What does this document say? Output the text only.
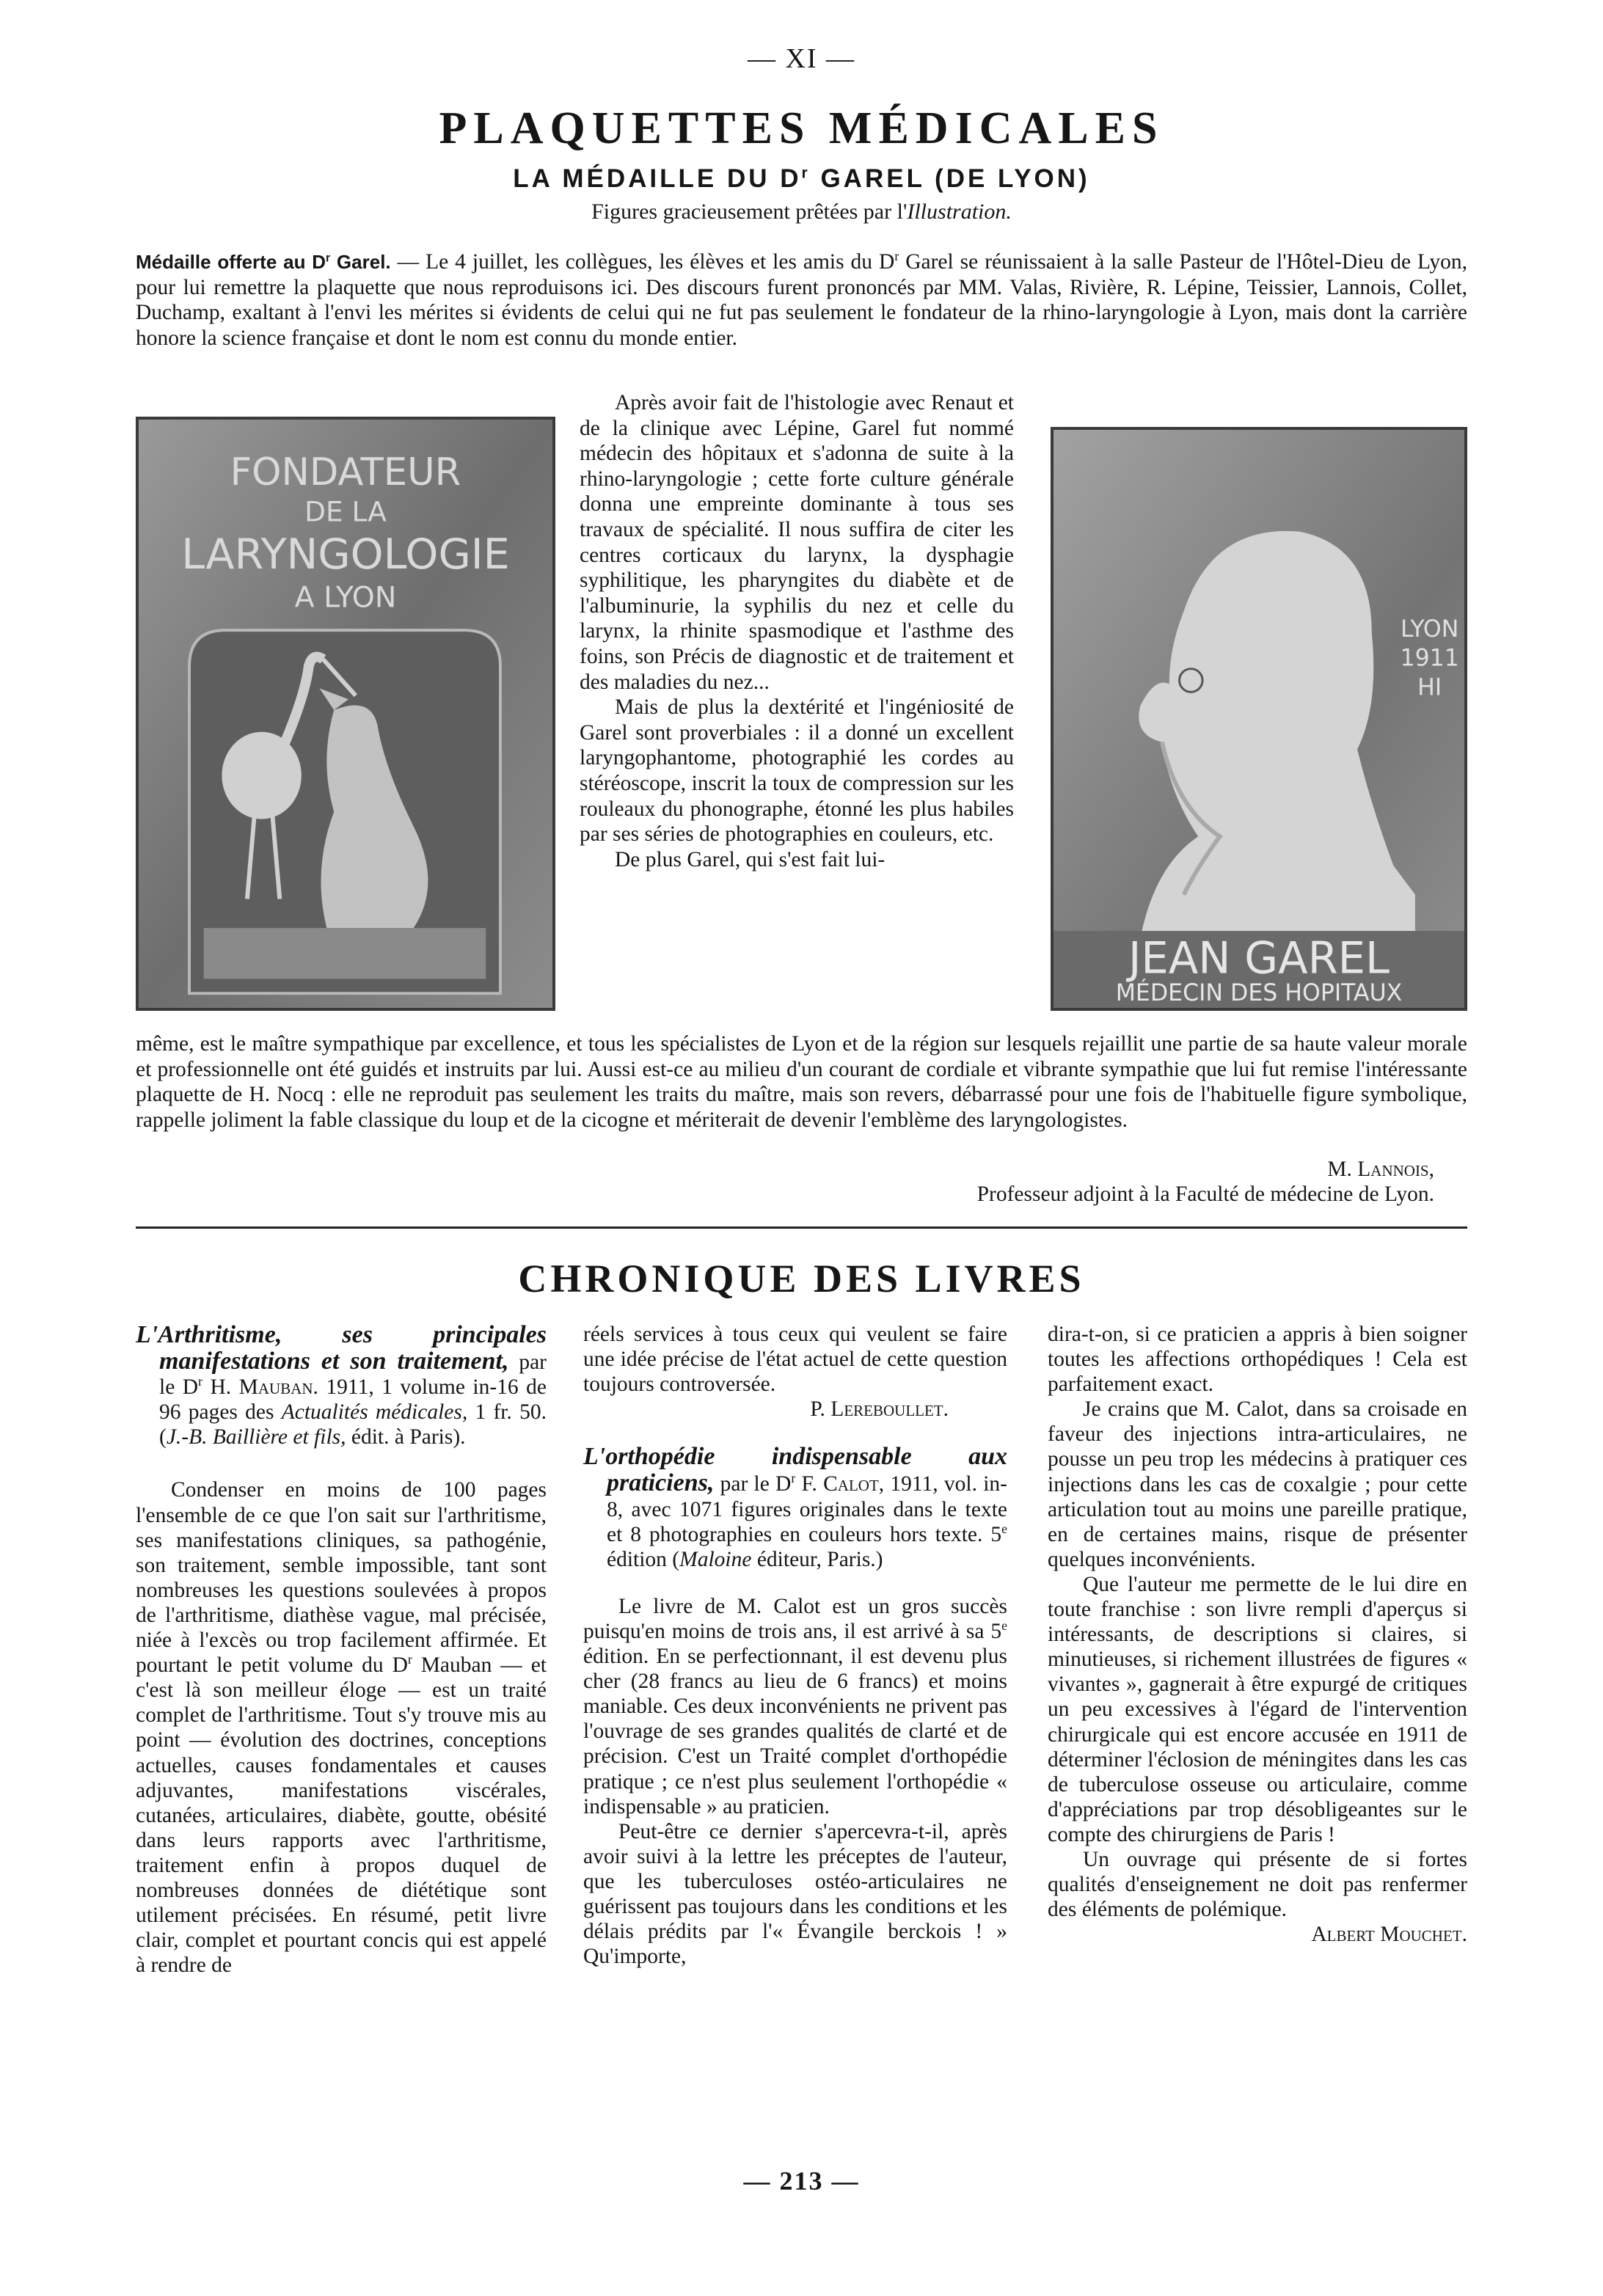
— XI —
PLAQUETTES MÉDICALES
LA MÉDAILLE DU $D^r$ GAREL (DE LYON)
Figures gracieusement prêtées par l'Illustration.

Médaille offerte au $D^r$ Garel. — Le 4 juillet, les collègues, les élèves et les amis du $D^r$ Garel se réunissaient à la salle Pasteur de l'Hôtel-Dieu de Lyon, pour lui remettre la plaquette que nous reproduisons ici. Des discours furent prononcés par MM. Valas, Rivière, R. Lépine, Teissier, Lannois, Collet, Duchamp, exaltant à l'envi les mérites si évidents de celui qui ne fut pas seulement le fondateur de la rhino-laryngologie à Lyon, mais dont la carrière honore la science française et dont le nom est connu du monde entier.

FONDATEUR
DE LA
LARYNGOLOGIE
A LYON

Après avoir fait de l'histologie avec Renaut et de la clinique avec Lépine, Garel fut nommé médecin des hôpitaux et s'adonna de suite à la rhino-laryngologie ; cette forte culture générale donna une empreinte dominante à tous ses travaux de spécialité. Il nous suffira de citer les centres corticaux du larynx, la dysphagie syphilitique, les pharyngites du diabète et de l'albuminurie, la syphilis du nez et celle du larynx, la rhinite spasmodique et l'asthme des foins, son Précis de diagnostic et de traitement et des maladies du nez...

Mais de plus la dextérité et l'ingéniosité de Garel sont proverbiales : il a donné un excellent laryngophantome, photographié les cordes au stéréoscope, inscrit la toux de compression sur les rouleaux du phonographe, étonné les plus habiles par ses séries de photographies en couleurs, etc.

De plus Garel, qui s'est fait lui-

LYON
1911
HI
JEAN GAREL
MÉDECIN DES HOPITAUX

même, est le maître sympathique par excellence, et tous les spécialistes de Lyon et de la région sur lesquels rejaillit une partie de sa haute valeur morale et professionnelle ont été guidés et instruits par lui. Aussi est-ce au milieu d'un courant de cordiale et vibrante sympathie que lui fut remise l'intéressante plaquette de H. Nocq : elle ne reproduit pas seulement les traits du maître, mais son revers, débarrassé pour une fois de l'habituelle figure symbolique, rappelle joliment la fable classique du loup et de la cicogne et mériterait de devenir l'emblème des laryngologistes.

M. Lannois,
Professeur adjoint à la Faculté de médecine de Lyon.
CHRONIQUE DES LIVRES

L'Arthritisme, ses principales manifestations et son traitement, par le $D^r$ H. Mauban. 1911, 1 volume in-16 de 96 pages des Actualités médicales, 1 fr. 50. (J.-B. Baillière et fils, édit. à Paris).

Condenser en moins de 100 pages l'ensemble de ce que l'on sait sur l'arthritisme, ses manifestations cliniques, sa pathogénie, son traitement, semble impossible, tant sont nombreuses les questions soulevées à propos de l'arthritisme, diathèse vague, mal précisée, niée à l'excès ou trop facilement affirmée. Et pourtant le petit volume du $D^r$ Mauban — et c'est là son meilleur éloge — est un traité complet de l'arthritisme. Tout s'y trouve mis au point — évolution des doctrines, conceptions actuelles, causes fondamentales et causes adjuvantes, manifestations viscérales, cutanées, articulaires, diabète, goutte, obésité dans leurs rapports avec l'arthritisme, traitement enfin à propos duquel de nombreuses données de diététique sont utilement précisées. En résumé, petit livre clair, complet et pourtant concis qui est appelé à rendre de

réels services à tous ceux qui veulent se faire une idée précise de l'état actuel de cette question toujours controversée.

P. Lereboullet.

L'orthopédie indispensable aux praticiens, par le $D^r$ F. Calot, 1911, vol. in-8, avec 1071 figures originales dans le texte et 8 photographies en couleurs hors texte. 5e édition (Maloine éditeur, Paris.)

Le livre de M. Calot est un gros succès puisqu'en moins de trois ans, il est arrivé à sa 5e édition. En se perfectionnant, il est devenu plus cher (28 francs au lieu de 6 francs) et moins maniable. Ces deux inconvénients ne privent pas l'ouvrage de ses grandes qualités de clarté et de précision. C'est un Traité complet d'orthopédie pratique ; ce n'est plus seulement l'orthopédie « indispensable » au praticien.

Peut-être ce dernier s'apercevra-t-il, après avoir suivi à la lettre les préceptes de l'auteur, que les tuberculoses ostéo-articulaires ne guérissent pas toujours dans les conditions et les délais prédits par l'« Évangile berckois ! » Qu'importe,

dira-t-on, si ce praticien a appris à bien soigner toutes les affections orthopédiques ! Cela est parfaitement exact.

Je crains que M. Calot, dans sa croisade en faveur des injections intra-articulaires, ne pousse un peu trop les médecins à pratiquer ces injections dans les cas de coxalgie ; pour cette articulation tout au moins une pareille pratique, en de certaines mains, risque de présenter quelques inconvénients.

Que l'auteur me permette de le lui dire en toute franchise : son livre rempli d'aperçus si intéressants, de descriptions si claires, si minutieuses, si richement illustrées de figures « vivantes », gagnerait à être expurgé de critiques un peu excessives à l'égard de l'intervention chirurgicale qui est encore accusée en 1911 de déterminer l'éclosion de méningites dans les cas de tuberculose osseuse ou articulaire, comme d'appréciations par trop désobligeantes sur le compte des chirurgiens de Paris !

Un ouvrage qui présente de si fortes qualités d'enseignement ne doit pas renfermer des éléments de polémique.

Albert Mouchet.

— 213 —
